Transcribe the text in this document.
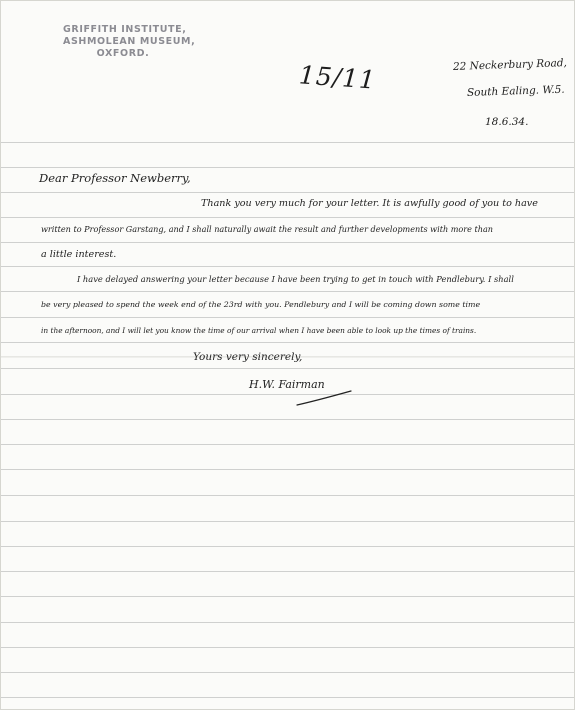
GRIFFITH INSTITUTE,
ASHMOLEAN MUSEUM,
OXFORD.
15/11	22 Neckerbury Road,
South Ealing. W.5.
18.6.34.
Dear Professor Newberry,
Thank you very much for your letter. It is awfully good of you to have
written to Professor Garstang, and I shall naturally await the result and further developments with more than
a little interest.
I have delayed answering your letter because I have been trying to get in touch with Pendlebury. I shall
be very pleased to spend the week end of the 23rd with you. Pendlebury and I will be coming down some time
in the afternoon, and I will let you know the time of our arrival when I have been able to look up the times of trains.
Yours very sincerely,
H.W. Fairman
